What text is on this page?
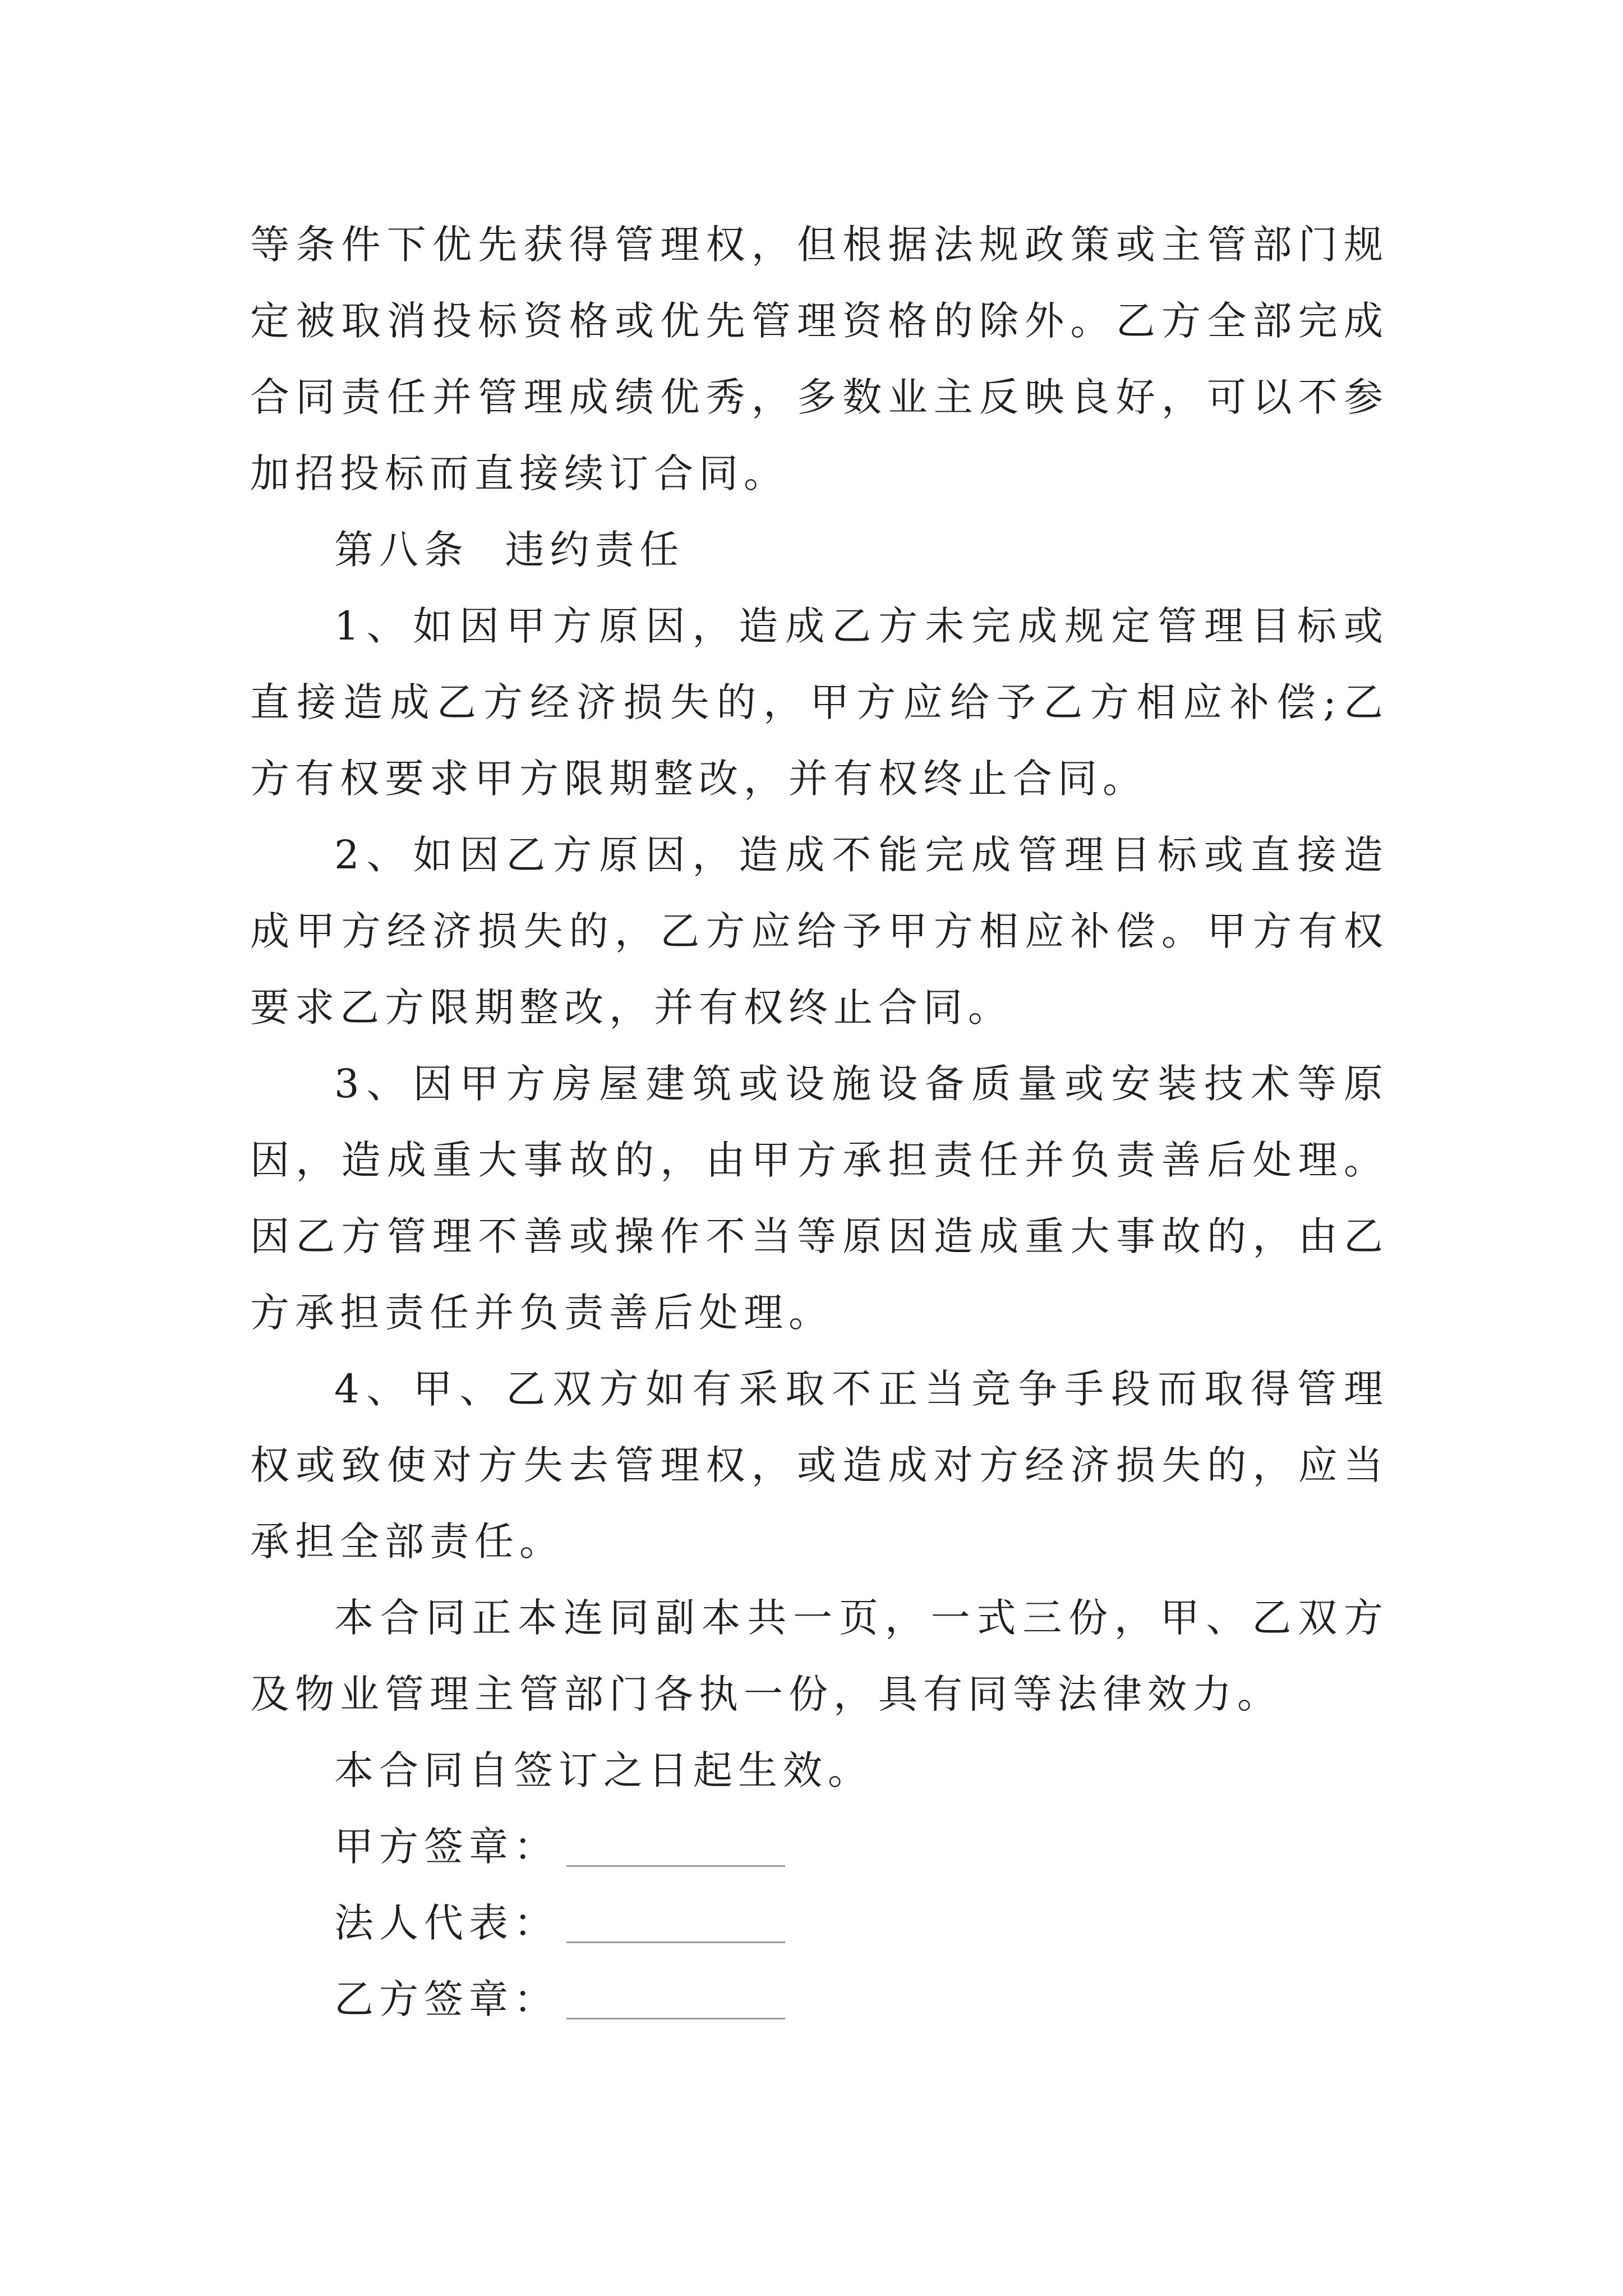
等条件下优先获得管理权，但根据法规政策或主管部门规定被取消投标资格或优先管理资格的除外。乙方全部完成合同责任并管理成绩优秀，多数业主反映良好，可以不参加招投标而直接续订合同。

第八条  违约责任

1、如因甲方原因，造成乙方未完成规定管理目标或直接造成乙方经济损失的，甲方应给予乙方相应补偿;乙方有权要求甲方限期整改，并有权终止合同。

2、如因乙方原因，造成不能完成管理目标或直接造成甲方经济损失的，乙方应给予甲方相应补偿。甲方有权要求乙方限期整改，并有权终止合同。

3、因甲方房屋建筑或设施设备质量或安装技术等原因，造成重大事故的，由甲方承担责任并负责善后处理。因乙方管理不善或操作不当等原因造成重大事故的，由乙方承担责任并负责善后处理。

4、甲、乙双方如有采取不正当竞争手段而取得管理权或致使对方失去管理权，或造成对方经济损失的，应当承担全部责任。

本合同正本连同副本共一页，一式三份，甲、乙双方及物业管理主管部门各执一份，具有同等法律效力。

本合同自签订之日起生效。

甲方签章：
法人代表：
乙方签章：
